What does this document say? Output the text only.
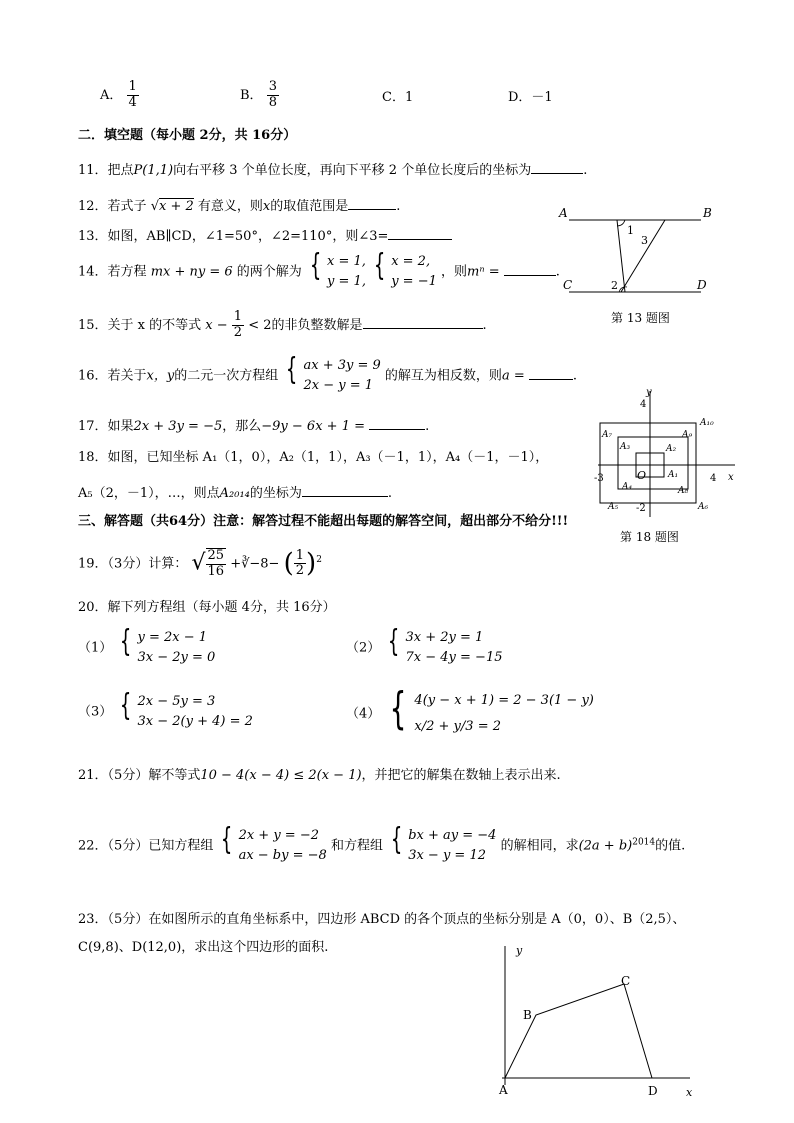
A． $\frac{1}{4}$	B． $\frac{3}{8}$	C．1	D．－1
二．填空题（每小题 2分，共 16分）
11．把点P(1,1)向右平移 3 个单位长度，再向下平移 2 个单位长度后的坐标为	.
12．若式子 √x + 2 有意义，则x的取值范围是	.
13．如图，AB∥CD，∠1=50°，∠2=110°，则∠3=
14．若方程 mx + ny = 6 的两个解为 { x = 1,
y = 1,
{ x = 2,
y = −1
，则mⁿ =	.
15．关于 x 的不等式 $x - \frac{1}{2} < 2$的非负整数解是	.
16．若关于x，y的二元一次方程组 { ax + 3y = 9
2x − y = 1
的解互为相反数，则a =	.
17．如果2x + 3y = −5，那么−9y − 6x + 1 =	.
18．如图，已知坐标 A₁（1，0），A₂（1，1），A₃（－1，1），A₄（－1，－1），
A₅（2，－1），…，则点A₂₀₁₄的坐标为	.
三、解答题（共64分）注意：解答过程不能超出每题的解答空间，超出部分不给分!!!
19．（3分）计算： √ $\frac{25}{16}$ +∛−8− ( $\frac{1}{2} )^2$
20．解下列方程组（每小题 4分，共 16分）
（1） { y = 2x − 1
3x − 2y = 0
（2） { 3x + 2y = 1
7x − 4y = −15
（3） { 2x − 5y = 3
3x − 2(y + 4) = 2
（4） { 4(y − x + 1) = 2 − 3(1 − y)
x/2 + y/3 = 2
21．（5分）解不等式10 − 4(x − 4) ≤ 2(x − 1)，并把它的解集在数轴上表示出来.
22．（5分）已知方程组 { 2x + y = −2
ax − by = −8
和方程组 { bx + ay = −4
3x − y = 12
的解相同，求$(2a + b)^{2014}$的值.
23．（5分）在如图所示的直角坐标系中，四边形 ABCD 的各个顶点的坐标分别是 A（0，0）、B（2,5）、
C(9,8)、D(12,0)，求出这个四边形的面积.
A	B
C	D
1
2
3
第 13 题图
y
x
O
4
-3
-2
4
A₁
A₂
A₃
A₄
A₅	A₆
A₇
A₈
A₉
A₁₀
第 18 题图
y
x
A
B
C
D
